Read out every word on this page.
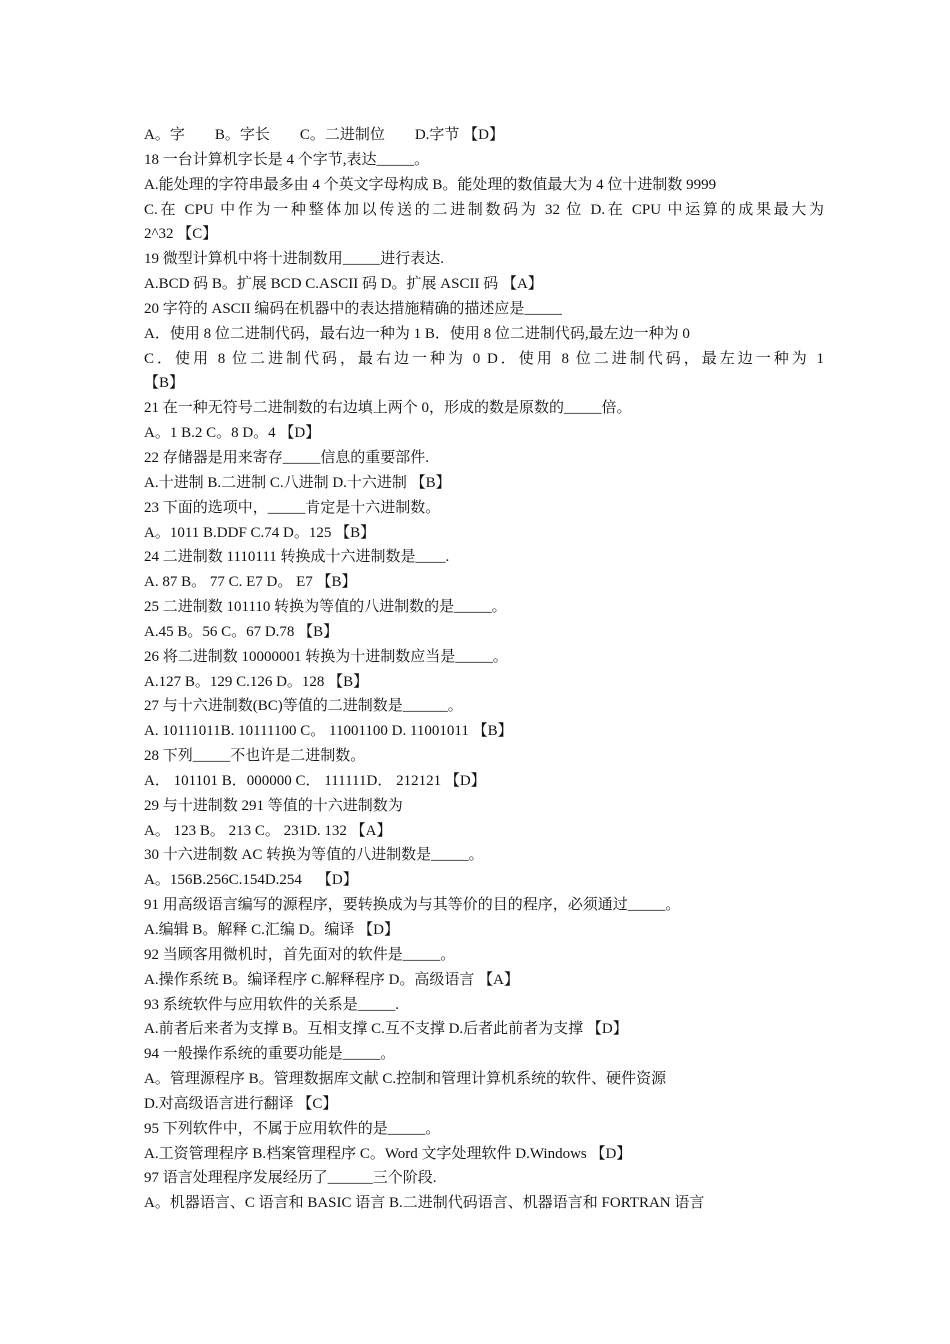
A。字        B。字长        C。二进制位        D.字节 【D】
18 一台计算机字长是 4 个字节,表达_____。
A.能处理的字符串最多由 4 个英文字母构成 B。能处理的数值最大为 4 位十进制数 9999
C.在 CPU 中作为一种整体加以传送的二进制数码为 32 位 D.在 CPU 中运算的成果最大为
2^32 【C】
19 微型计算机中将十进制数用_____进行表达.
A.BCD 码 B。扩展 BCD C.ASCII 码 D。扩展 ASCII 码 【A】
20 字符的 ASCII 编码在机器中的表达措施精确的描述应是_____
A．使用 8 位二进制代码，最右边一种为 1 B．使用 8 位二进制代码,最左边一种为 0
C．使用 8 位二进制代码，最右边一种为 0 D．使用 8 位二进制代码，最左边一种为 1
【B】
21 在一种无符号二进制数的右边填上两个 0，形成的数是原数的_____倍。
A。1 B.2 C。8 D。4 【D】
22 存储器是用来寄存_____信息的重要部件.
A.十进制 B.二进制 C.八进制 D.十六进制 【B】
23 下面的选项中，_____肯定是十六进制数。
A。1011 B.DDF C.74 D。125 【B】
24 二进制数 1110111 转换成十六进制数是____.
A. 87 B。 77 C. E7 D。 E7 【B】
25 二进制数 101110 转换为等值的八进制数的是_____。
A.45 B。56 C。67 D.78 【B】
26 将二进制数 10000001 转换为十进制数应当是_____。
A.127 B。129 C.126 D。128 【B】
27 与十六进制数(BC)等值的二进制数是______。
A. 10111011B. 10111100 C。 11001100 D. 11001011 【B】
28 下列_____不也许是二进制数。
A． 101101 B．000000 C． 111111D． 212121 【D】
29 与十进制数 291 等值的十六进制数为
A。 123 B。 213 C。 231D. 132 【A】
30 十六进制数 AC 转换为等值的八进制数是_____。
A。156B.256C.154D.254    【D】
91 用高级语言编写的源程序，要转换成为与其等价的目的程序，必须通过_____。
A.编辑 B。解释 C.汇编 D。编译 【D】
92 当顾客用微机时，首先面对的软件是_____。
A.操作系统 B。编译程序 C.解释程序 D。高级语言 【A】
93 系统软件与应用软件的关系是_____.
A.前者后来者为支撑 B。互相支撑 C.互不支撑 D.后者此前者为支撑 【D】
94 一般操作系统的重要功能是_____。
A。管理源程序 B。管理数据库文献 C.控制和管理计算机系统的软件、硬件资源
D.对高级语言进行翻译 【C】
95 下列软件中，不属于应用软件的是_____。
A.工资管理程序 B.档案管理程序 C。Word 文字处理软件 D.Windows 【D】
97 语言处理程序发展经历了______三个阶段.
A。机器语言、C 语言和 BASIC 语言 B.二进制代码语言、机器语言和 FORTRAN 语言
